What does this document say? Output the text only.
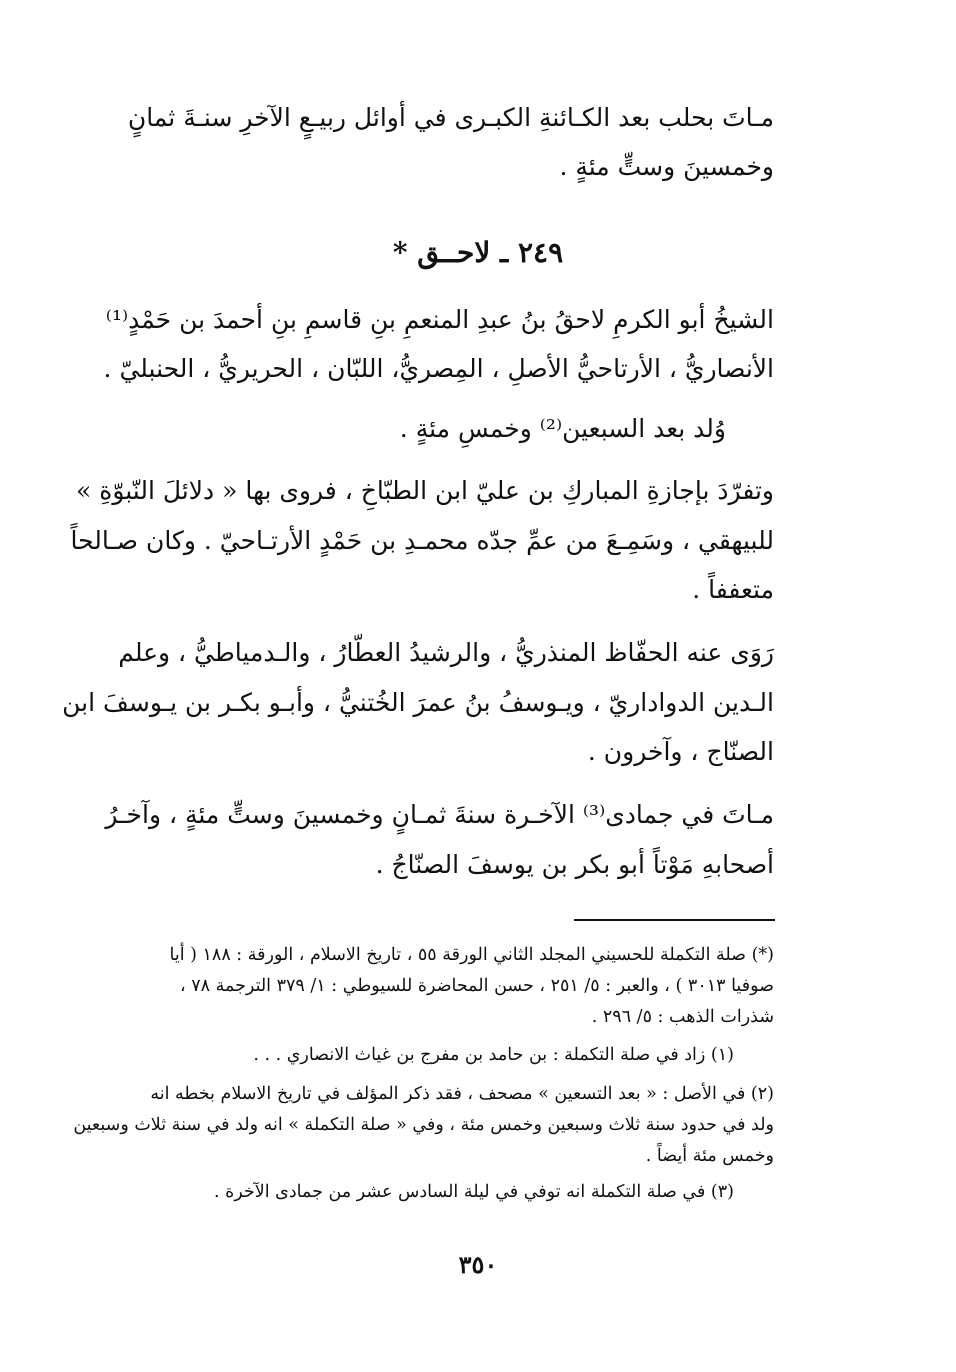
مـاتَ بحلب بعد الكـائنةِ الكبـرى في أوائل ربيـعٍ الآخرِ سنـةَ ثمانٍ
وخمسينَ وستٍّ مئةٍ .
٢٤٩ ـ لاحــق *
الشيخُ أبو الكرمِ لاحقُ بنُ عبدِ المنعمِ بنِ قاسمِ بنِ أحمدَ بن حَمْدٍ⁽¹⁾
الأنصاريُّ ، الأرتاحيُّ الأصلِ ، المِصريُّ، اللبّان ، الحريريُّ ، الحنبليّ .
وُلد بعد السبعين⁽²⁾ وخمسِ مئةٍ .
وتفرّدَ بإجازةِ المباركِ بن عليّ ابن الطبّاخِ ، فروى بها « دلائلَ النّبوّةِ »
للبيهقي ، وسَمِـعَ من عمِّ جدّه محمـدِ بن حَمْدٍ الأرتـاحيّ . وكان صـالحاً
متعففاً .
رَوَى عنه الحفّاظ المنذريُّ ، والرشيدُ العطّارُ ، والـدمياطيُّ ، وعلم
الـدين الدواداريّ ، ويـوسفُ بنُ عمرَ الخُتنيُّ ، وأبـو بكـر بن يـوسفَ ابن
الصنّاج ، وآخرون .
مـاتَ في جمادى⁽³⁾ الآخـرة سنةَ ثمـانٍ وخمسينَ وستٍّ مئةٍ ، وآخـرُ
أصحابهِ مَوْتاً أبو بكر بن يوسفَ الصنّاجُ .
(*) صلة التكملة للحسيني المجلد الثاني الورقة ٥٥ ، تاريخ الاسلام ، الورقة : ١٨٨ ( أيا
صوفيا ٣٠١٣ ) ، والعبر : ٥/ ٢٥١ ، حسن المحاضرة للسيوطي : ١/ ٣٧٩ الترجمة ٧٨ ،
شذرات الذهب : ٥/ ٢٩٦ .
(١) زاد في صلة التكملة : بن حامد بن مفرج بن غياث الانصاري . . .
(٢) في الأصل : « بعد التسعين » مصحف ، فقد ذكر المؤلف في تاريخ الاسلام بخطه انه
ولد في حدود سنة ثلاث وسبعين وخمس مئة ، وفي « صلة التكملة » انه ولد في سنة ثلاث وسبعين
وخمس مئة أيضاً .
(٣) في صلة التكملة انه توفي في ليلة السادس عشر من جمادى الآخرة .
٣٥٠
